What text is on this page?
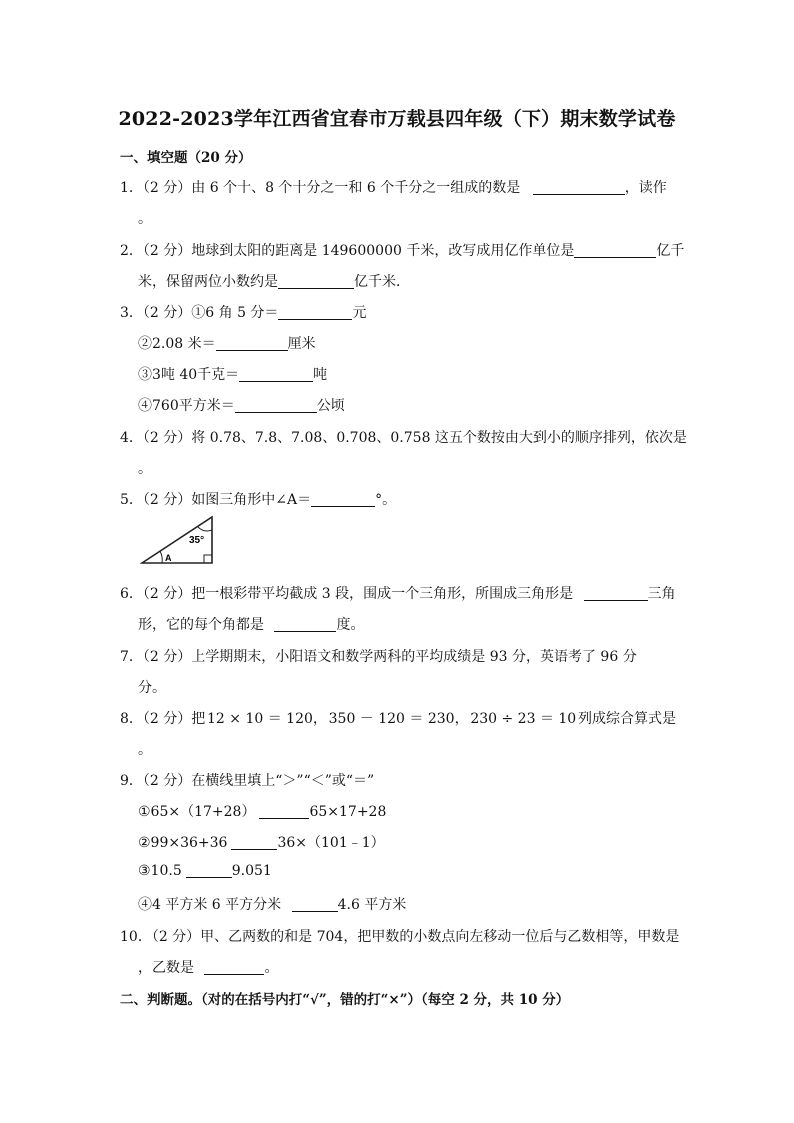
2022-2023学年江西省宜春市万载县四年级（下）期末数学试卷
一、填空题（20 分）
1．（2 分）由 6 个十、8 个十分之一和 6 个千分之一组成的数是	，读作
。
2．（2 分）地球到太阳的距离是 149600000 千米，改写成用亿作单位是	亿千
米，保留两位小数约是	亿千米．
3．（2 分）①6 角 5 分＝	元
②2.08 米＝	厘米
③3吨 40千克＝	吨
④760平方米＝	公顷
4．（2 分）将 0.78、7.8、7.08、0.708、0.758 这五个数按由大到小的顺序排列，依次是
。
5．（2 分）如图三角形中∠A＝	°。
35°
A
6．（2 分）把一根彩带平均截成 3 段，围成一个三角形，所围成三角形是	三角
形，它的每个角都是	度。
7．（2 分）上学期期末，小阳语文和数学两科的平均成绩是 93 分，英语考了 96 分
分。
8．（2 分）把 12 × 10 ＝ 120， 350 － 120 ＝ 230， 230 ÷ 23 ＝ 10 列成综合算式是
。
9．（2 分）在横线里填上“＞”“＜”或“＝”
①65×（17+28）	65×17+28
②99×36+36	36×（101﹣1）
③10.5	9.051
④4 平方米 6 平方分米	4.6 平方米
10．（2 分）甲、乙两数的和是 704，把甲数的小数点向左移动一位后与乙数相等，甲数是
，乙数是	。
二、判断题。（对的在括号内打“√”，错的打“×”）（每空 2 分，共 10 分）
